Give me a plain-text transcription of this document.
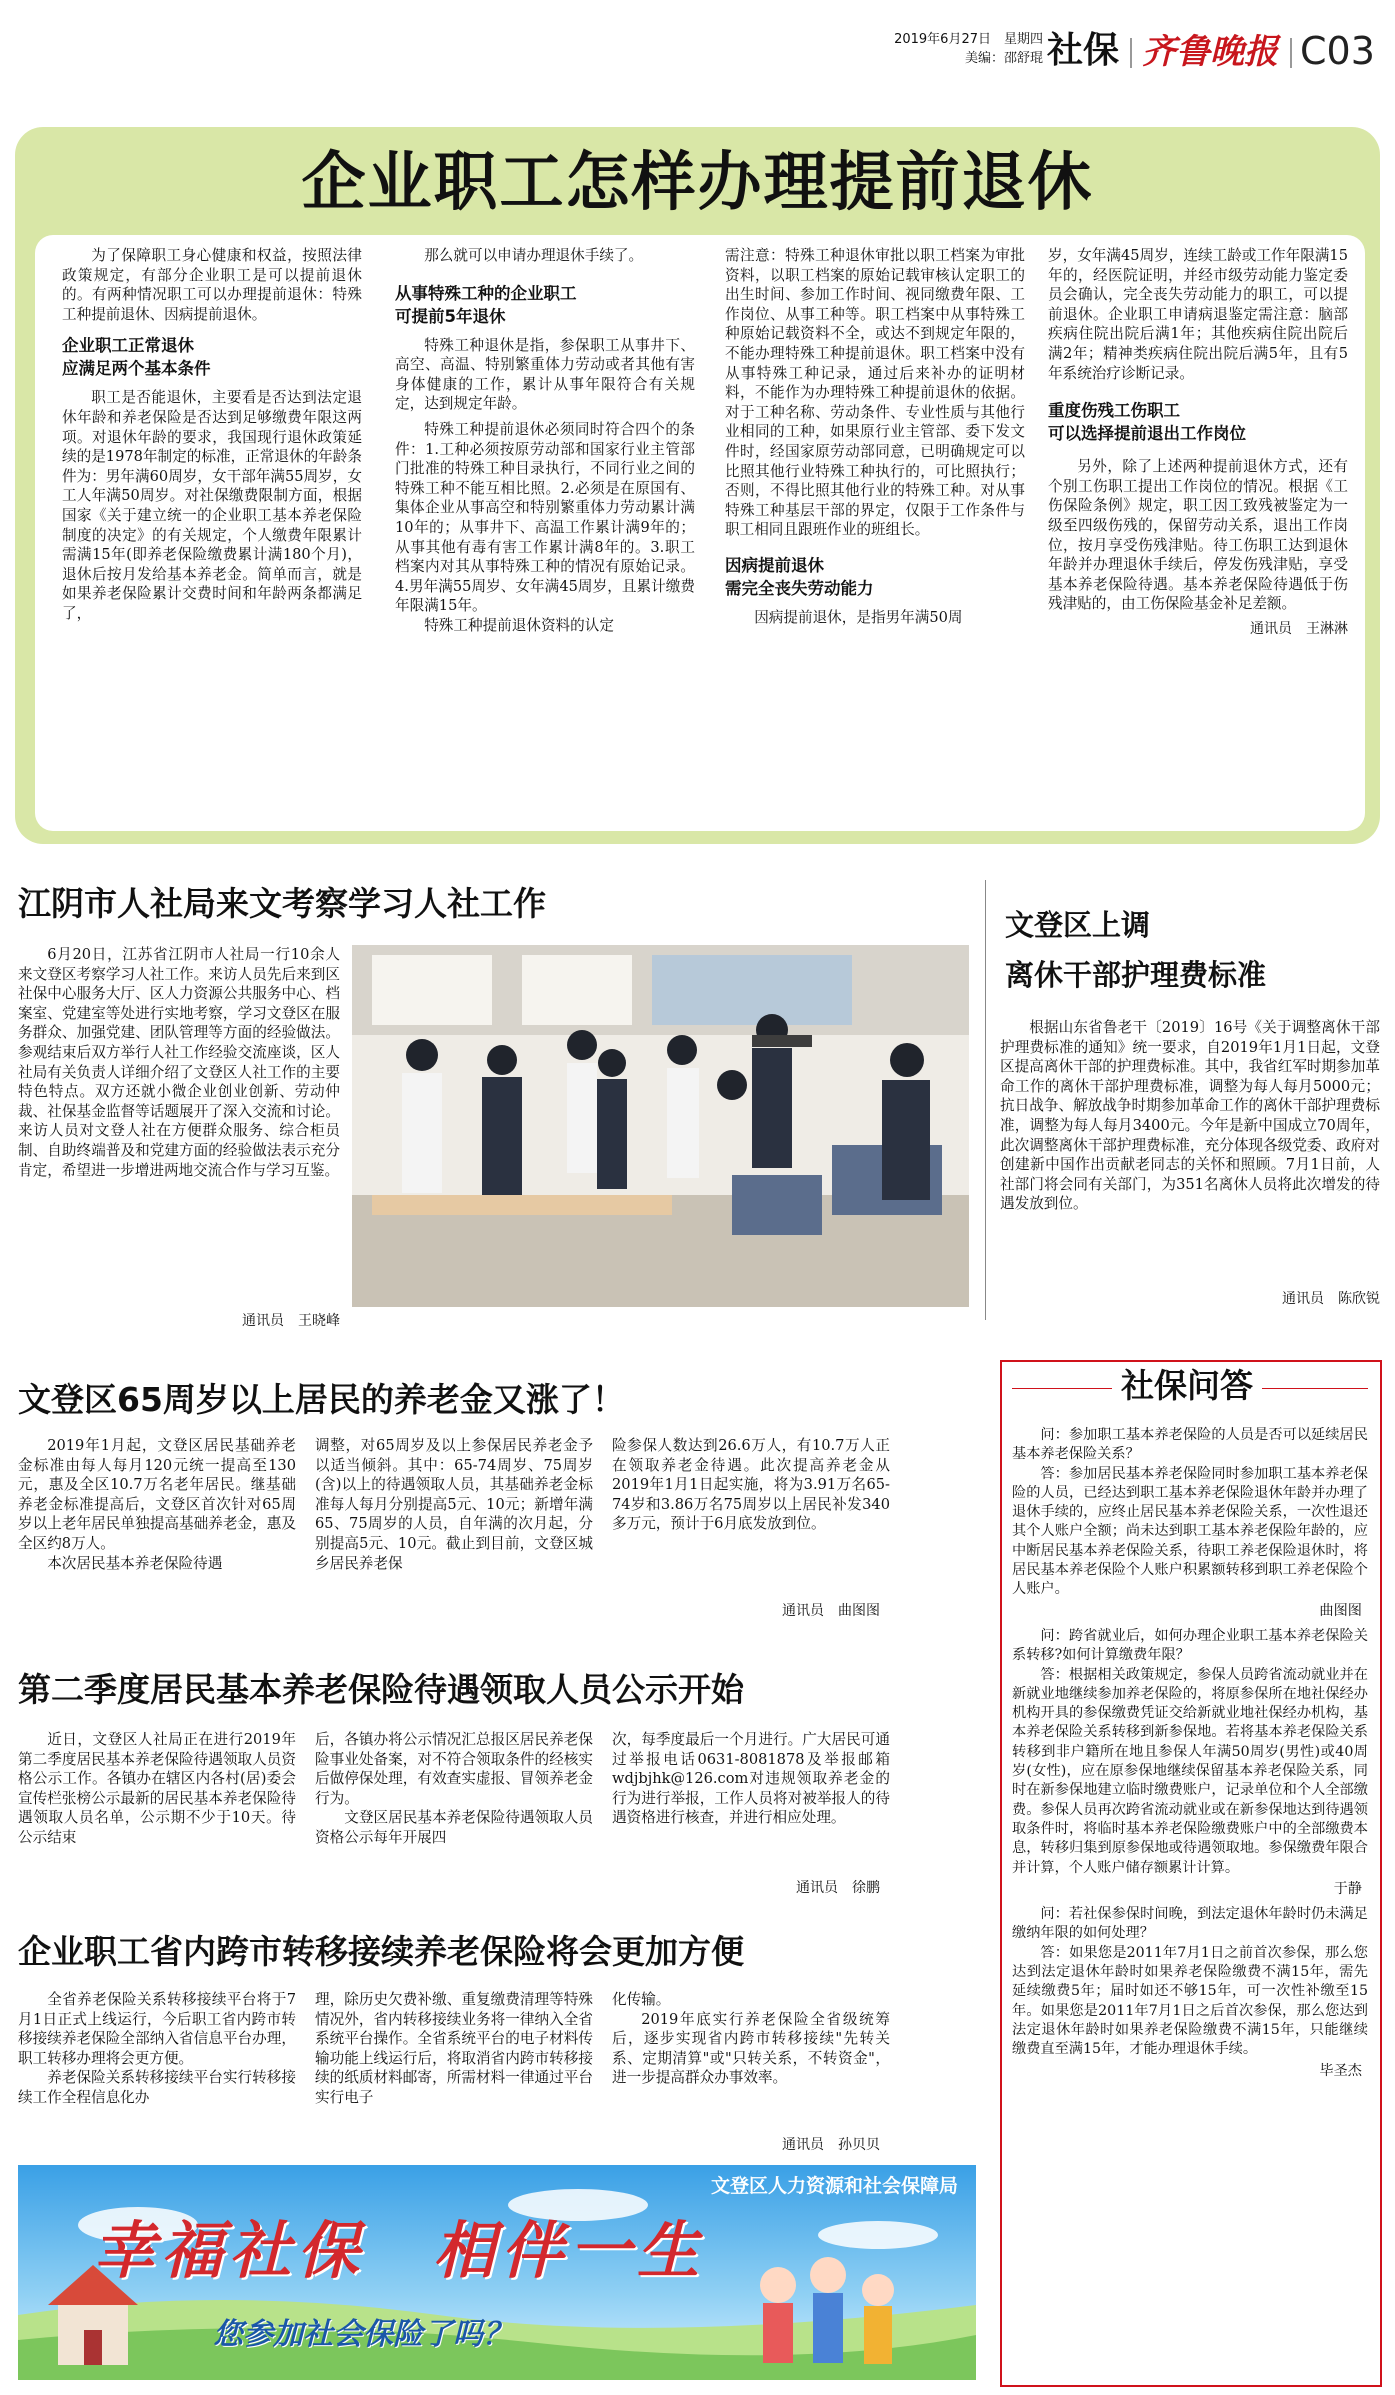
2019年6月27日　星期四
美编：邵舒琨 社保 齐鲁晚报 C03
企业职工怎样办理提前退休

为了保障职工身心健康和权益，按照法律政策规定，有部分企业职工是可以提前退休的。有两种情况职工可以办理提前退休：特殊工种提前退休、因病提前退休。

企业职工正常退休
应满足两个基本条件

职工是否能退休，主要看是否达到法定退休年龄和养老保险是否达到足够缴费年限这两项。对退休年龄的要求，我国现行退休政策延续的是1978年制定的标准，正常退休的年龄条件为：男年满60周岁，女干部年满55周岁，女工人年满50周岁。对社保缴费限制方面，根据国家《关于建立统一的企业职工基本养老保险制度的决定》的有关规定，个人缴费年限累计需满15年(即养老保险缴费累计满180个月)，退休后按月发给基本养老金。简单而言，就是如果养老保险累计交费时间和年龄两条都满足了，

那么就可以申请办理退休手续了。

从事特殊工种的企业职工
可提前5年退休

特殊工种退休是指，参保职工从事井下、高空、高温、特别繁重体力劳动或者其他有害身体健康的工作，累计从事年限符合有关规定，达到规定年龄。

特殊工种提前退休必须同时符合四个的条件：1.工种必须按原劳动部和国家行业主管部门批准的特殊工种目录执行，不同行业之间的特殊工种不能互相比照。2.必须是在原国有、集体企业从事高空和特别繁重体力劳动累计满10年的；从事井下、高温工作累计满9年的；从事其他有毒有害工作累计满8年的。3.职工档案内对其从事特殊工种的情况有原始记录。4.男年满55周岁、女年满45周岁，且累计缴费年限满15年。

特殊工种提前退休资料的认定

需注意：特殊工种退休审批以职工档案为审批资料，以职工档案的原始记载审核认定职工的出生时间、参加工作时间、视同缴费年限、工作岗位、从事工种等。职工档案中从事特殊工种原始记载资料不全，或达不到规定年限的，不能办理特殊工种提前退休。职工档案中没有从事特殊工种记录，通过后来补办的证明材料，不能作为办理特殊工种提前退休的依据。对于工种名称、劳动条件、专业性质与其他行业相同的工种，如果原行业主管部、委下发文件时，经国家原劳动部同意，已明确规定可以比照其他行业特殊工种执行的，可比照执行；否则，不得比照其他行业的特殊工种。对从事特殊工种基层干部的界定，仅限于工作条件与职工相同且跟班作业的班组长。

因病提前退休
需完全丧失劳动能力

因病提前退休，是指男年满50周

岁，女年满45周岁，连续工龄或工作年限满15年的，经医院证明，并经市级劳动能力鉴定委员会确认，完全丧失劳动能力的职工，可以提前退休。企业职工申请病退鉴定需注意：脑部疾病住院出院后满1年；其他疾病住院出院后满2年；精神类疾病住院出院后满5年，且有5年系统治疗诊断记录。

重度伤残工伤职工
可以选择提前退出工作岗位

另外，除了上述两种提前退休方式，还有个别工伤职工提出工作岗位的情况。根据《工伤保险条例》规定，职工因工致残被鉴定为一级至四级伤残的，保留劳动关系，退出工作岗位，按月享受伤残津贴。待工伤职工达到退休年龄并办理退休手续后，停发伤残津贴，享受基本养老保险待遇。基本养老保险待遇低于伤残津贴的，由工伤保险基金补足差额。

通讯员　王淋淋
江阴市人社局来文考察学习人社工作

6月20日，江苏省江阴市人社局一行10余人来文登区考察学习人社工作。来访人员先后来到区社保中心服务大厅、区人力资源公共服务中心、档案室、党建室等处进行实地考察，学习文登区在服务群众、加强党建、团队管理等方面的经验做法。参观结束后双方举行人社工作经验交流座谈，区人社局有关负责人详细介绍了文登区人社工作的主要特色特点。双方还就小微企业创业创新、劳动仲裁、社保基金监督等话题展开了深入交流和讨论。来访人员对文登人社在方便群众服务、综合柜员制、自助终端普及和党建方面的经验做法表示充分肯定，希望进一步增进两地交流合作与学习互鉴。

通讯员　王晓峰
文登区上调
离休干部护理费标准

根据山东省鲁老干〔2019〕16号《关于调整离休干部护理费标准的通知》统一要求，自2019年1月1日起，文登区提高离休干部的护理费标准。其中，我省红军时期参加革命工作的离休干部护理费标准，调整为每人每月5000元；抗日战争、解放战争时期参加革命工作的离休干部护理费标准，调整为每人每月3400元。今年是新中国成立70周年，此次调整离休干部护理费标准，充分体现各级党委、政府对创建新中国作出贡献老同志的关怀和照顾。7月1日前，人社部门将会同有关部门，为351名离休人员将此次增发的待遇发放到位。

通讯员　陈欣锐
文登区65周岁以上居民的养老金又涨了！

2019年1月起，文登区居民基础养老金标准由每人每月120元统一提高至130元，惠及全区10.7万名老年居民。继基础养老金标准提高后，文登区首次针对65周岁以上老年居民单独提高基础养老金，惠及全区约8万人。

本次居民基本养老保险待遇

调整，对65周岁及以上参保居民养老金予以适当倾斜。其中：65-74周岁、75周岁(含)以上的待遇领取人员，其基础养老金标准每人每月分别提高5元、10元；新增年满65、75周岁的人员，自年满的次月起，分别提高5元、10元。截止到目前，文登区城乡居民养老保

险参保人数达到26.6万人，有10.7万人正在领取养老金待遇。此次提高养老金从2019年1月1日起实施，将为3.91万名65-74岁和3.86万名75周岁以上居民补发340多万元，预计于6月底发放到位。

通讯员　曲图图
第二季度居民基本养老保险待遇领取人员公示开始

近日，文登区人社局正在进行2019年第二季度居民基本养老保险待遇领取人员资格公示工作。各镇办在辖区内各村(居)委会宣传栏张榜公示最新的居民基本养老保险待遇领取人员名单，公示期不少于10天。待公示结束

后，各镇办将公示情况汇总报区居民养老保险事业处备案，对不符合领取条件的经核实后做停保处理，有效查实虚报、冒领养老金行为。

文登区居民基本养老保险待遇领取人员资格公示每年开展四

次，每季度最后一个月进行。广大居民可通过举报电话0631-8081878及举报邮箱wdjbjhk@126.com对违规领取养老金的行为进行举报，工作人员将对被举报人的待遇资格进行核查，并进行相应处理。

通讯员　徐鹏
企业职工省内跨市转移接续养老保险将会更加方便

全省养老保险关系转移接续平台将于7月1日正式上线运行，今后职工省内跨市转移接续养老保险全部纳入省信息平台办理，职工转移办理将会更方便。

养老保险关系转移接续平台实行转移接续工作全程信息化办

理，除历史欠费补缴、重复缴费清理等特殊情况外，省内转移接续业务将一律纳入全省系统平台操作。全省系统平台的电子材料传输功能上线运行后，将取消省内跨市转移接续的纸质材料邮寄，所需材料一律通过平台实行电子

化传输。

2019年底实行养老保险全省级统筹后，逐步实现省内跨市转移接续"先转关系、定期清算"或"只转关系，不转资金"，进一步提高群众办事效率。

通讯员　孙贝贝
文登区人力资源和社会保障局
幸福社保　相伴一生
您参加社会保险了吗？
社保问答

问：参加职工基本养老保险的人员是否可以延续居民基本养老保险关系？

答：参加居民基本养老保险同时参加职工基本养老保险的人员，已经达到职工基本养老保险退休年龄并办理了退休手续的，应终止居民基本养老保险关系，一次性退还其个人账户全额；尚未达到职工基本养老保险年龄的，应中断居民基本养老保险关系，待职工养老保险退休时，将居民基本养老保险个人账户积累额转移到职工养老保险个人账户。

曲图图

问：跨省就业后，如何办理企业职工基本养老保险关系转移?如何计算缴费年限？

答：根据相关政策规定，参保人员跨省流动就业并在新就业地继续参加养老保险的，将原参保所在地社保经办机构开具的参保缴费凭证交给新就业地社保经办机构，基本养老保险关系转移到新参保地。若将基本养老保险关系转移到非户籍所在地且参保人年满50周岁(男性)或40周岁(女性)，应在原参保地继续保留基本养老保险关系，同时在新参保地建立临时缴费账户，记录单位和个人全部缴费。参保人员再次跨省流动就业或在新参保地达到待遇领取条件时，将临时基本养老保险缴费账户中的全部缴费本息，转移归集到原参保地或待遇领取地。参保缴费年限合并计算，个人账户储存额累计计算。

于静

问：若社保参保时间晚，到法定退休年龄时仍未满足缴纳年限的如何处理？

答：如果您是2011年7月1日之前首次参保，那么您达到法定退休年龄时如果养老保险缴费不满15年，需先延续缴费5年；届时如还不够15年，可一次性补缴至15年。如果您是2011年7月1日之后首次参保，那么您达到法定退休年龄时如果养老保险缴费不满15年，只能继续缴费直至满15年，才能办理退休手续。

毕圣杰
